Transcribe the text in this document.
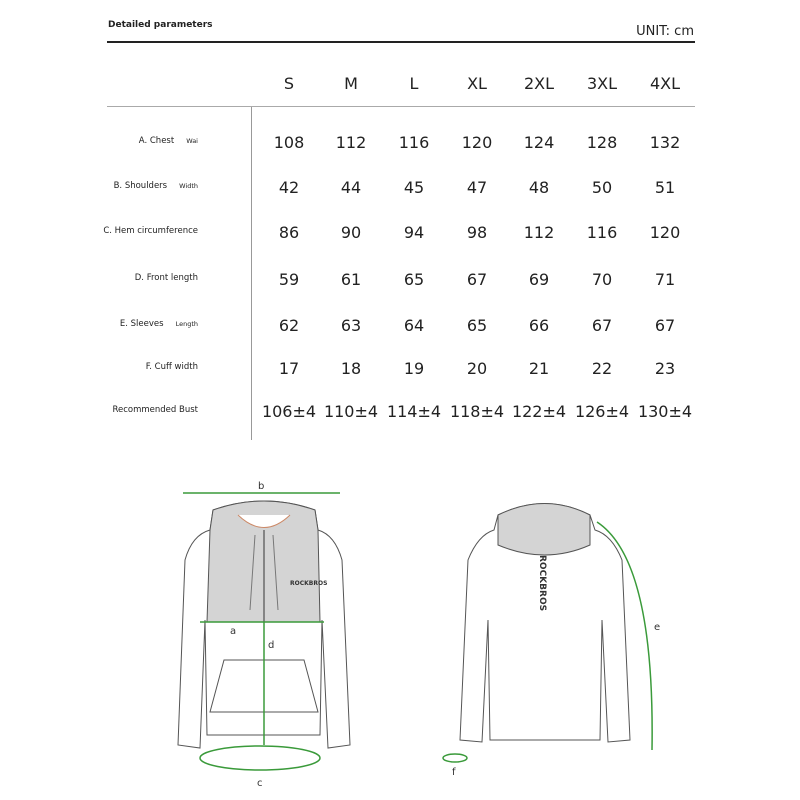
Detailed parameters	UNIT: cm
S	M	L	XL	2XL	3XL	4XL
A. Chest Wai	108	112	116	120	124	128	132
B. Shoulders Width	42	44	45	47	48	50	51
C. Hem circumference	86	90	94	98	112	116	120
D. Front length	59	61	65	67	69	70	71
E. Sleeves Length	62	63	64	65	66	67	67
F. Cuff width	17	18	19	20	21	22	23
Recommended Bust	106±4 110±4 114±4 118±4 122±4 126±4 130±4
b
a
d
c
e
f
ROCKBROS
ROCKBROS
